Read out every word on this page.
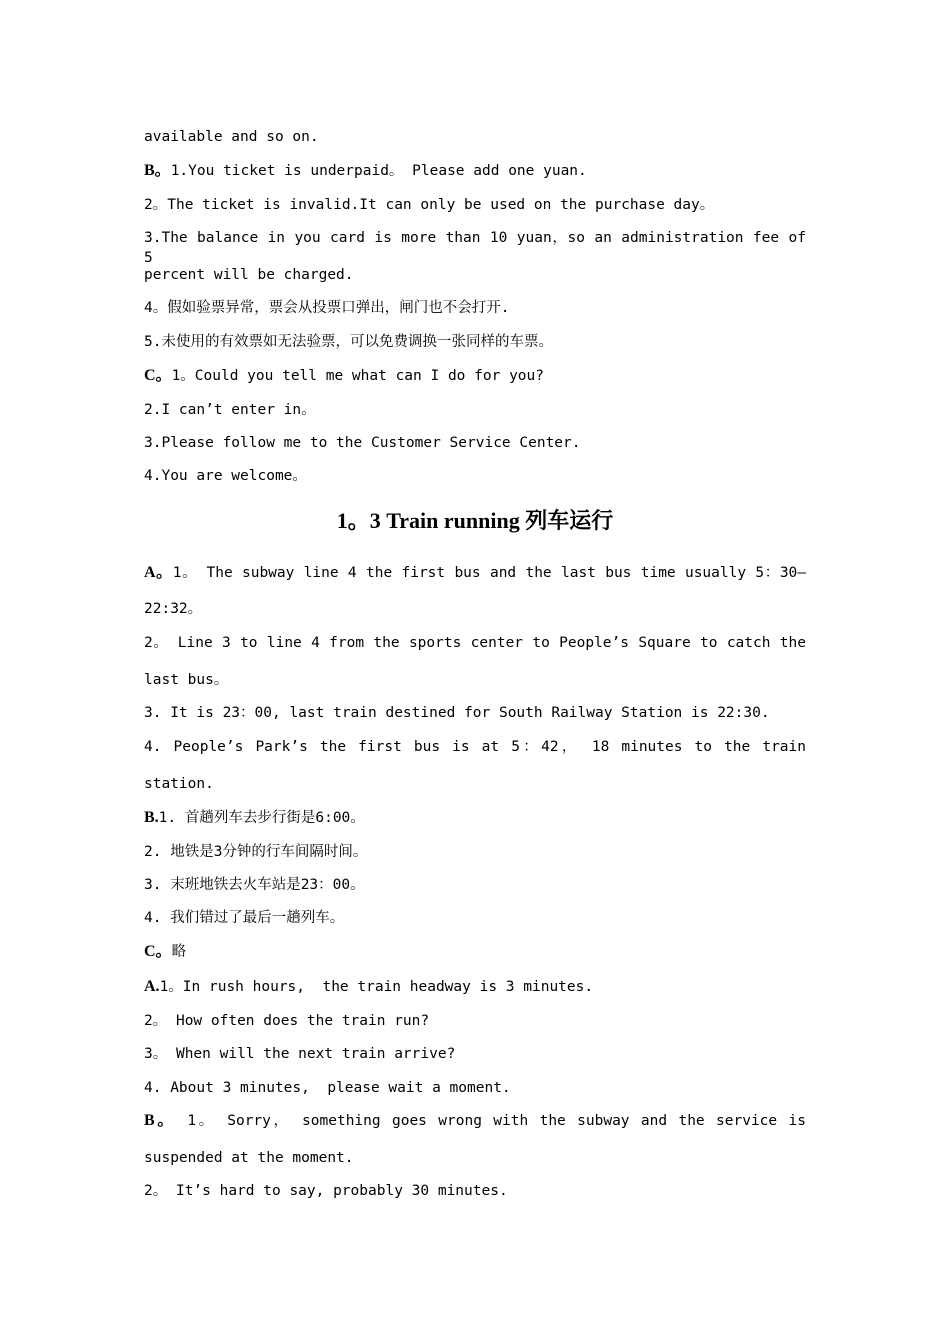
available and so on.
B。1.You ticket is underpaid。 Please add one yuan.
2。The ticket is invalid.It can only be used on the purchase day。
3.The balance in you card is more than 10 yuan，so an administration fee of 5
percent will be charged.
4。假如验票异常，票会从投票口弹出，闸门也不会打开.
5.未使用的有效票如无法验票，可以免费调换一张同样的车票。
C。1。Could you tell me what can I do for you?
2.I can’t enter in。
3.Please follow me to the Customer Service Center.
4.You are welcome。
1。3 Train running 列车运行
A。1。 The subway line 4 the first bus and the last bus time usually 5：30—
22:32。
2。 Line 3 to line 4 from the sports center to People’s Square to catch the
last bus。
3. It is 23：00, last train destined for South Railway Station is 22:30.
4. People’s Park’s the first bus is at 5：42， 18 minutes to the train
station.
B.1. 首趟列车去步行街是6:00。
2. 地铁是3分钟的行车间隔时间。
3. 末班地铁去火车站是23：00。
4. 我们错过了最后一趟列车。
C。略
A.1。In rush hours,  the train headway is 3 minutes.
2。 How often does the train run?
3。 When will the next train arrive?
4. About 3 minutes,  please wait a moment.
B。 1。 Sorry， something goes wrong with the subway and the service is
suspended at the moment.
2。 It’s hard to say, probably 30 minutes.
